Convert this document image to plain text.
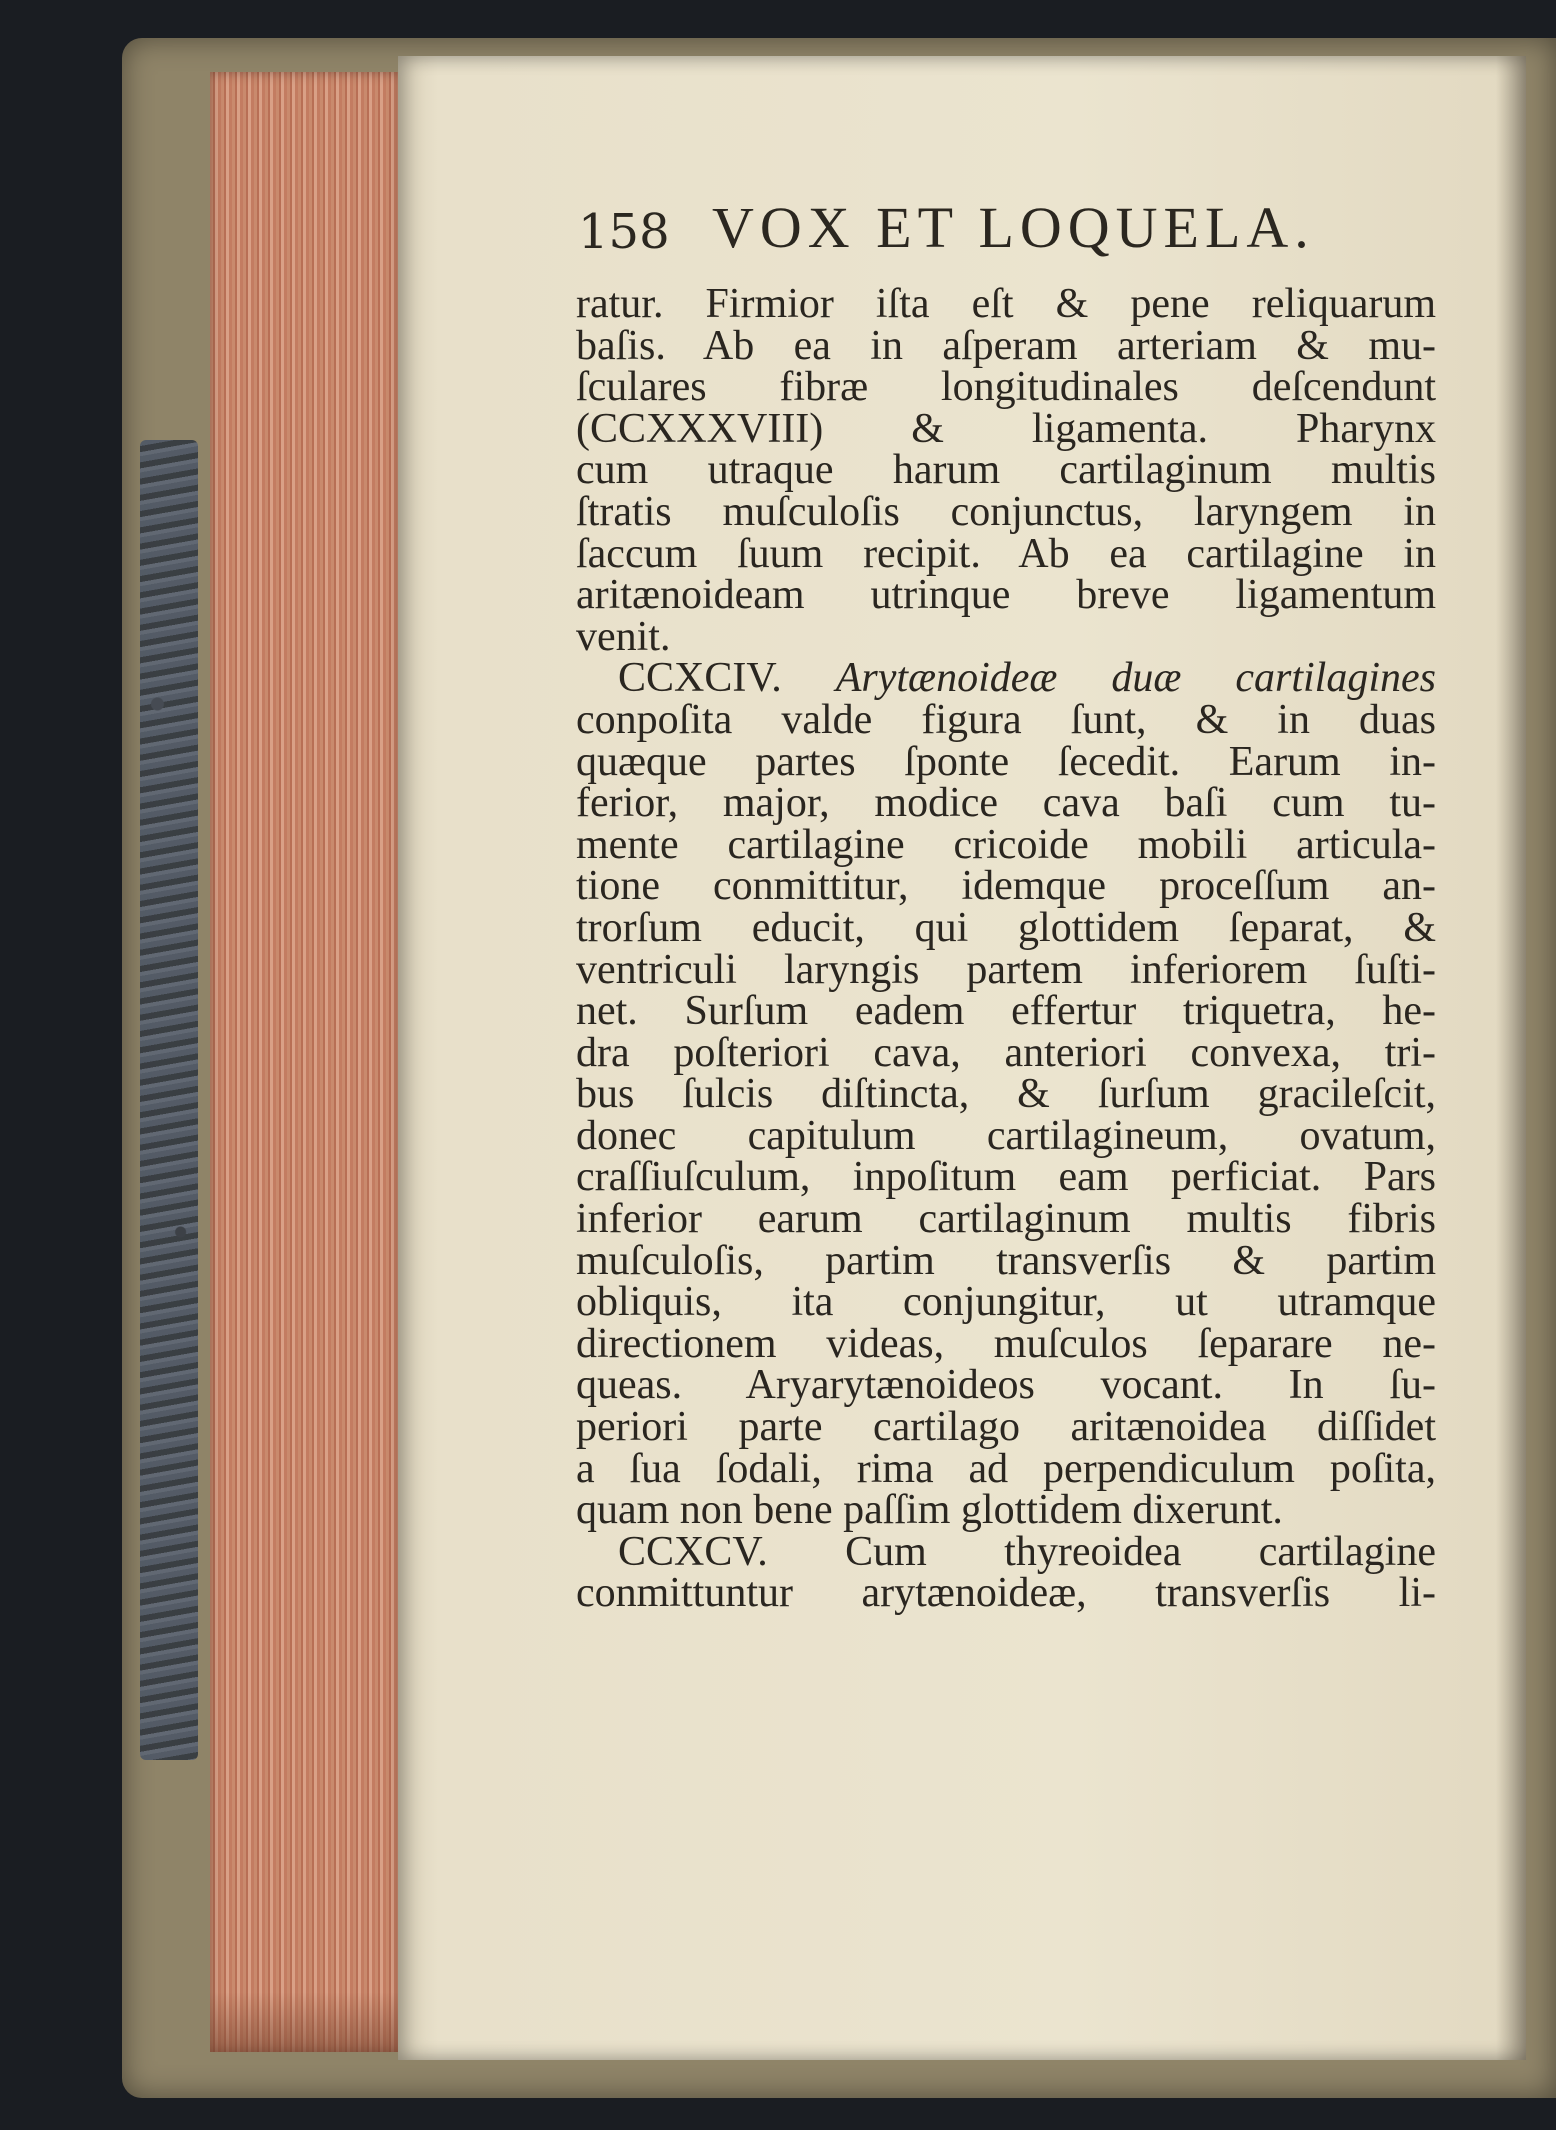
158 VOX ET LOQUELA.
ratur. Firmior iſta eſt & pene reliquarum
baſis. Ab ea in aſperam arteriam & mu-
ſculares fibræ longitudinales deſcendunt
(CCXXXVIII) & ligamenta. Pharynx
cum utraque harum cartilaginum multis
ſtratis muſculoſis conjunctus, laryngem in
ſaccum ſuum recipit. Ab ea cartilagine in
aritænoideam utrinque breve ligamentum
venit.
CCXCIV. Arytænoideæ duæ cartilagines
conpoſita valde figura ſunt, & in duas
quæque partes ſponte ſecedit. Earum in-
ferior, major, modice cava baſi cum tu-
mente cartilagine cricoide mobili articula-
tione conmittitur, idemque proceſſum an-
trorſum educit, qui glottidem ſeparat, &
ventriculi laryngis partem inferiorem ſuſti-
net. Surſum eadem effertur triquetra, he-
dra poſteriori cava, anteriori convexa, tri-
bus ſulcis diſtincta, & ſurſum gracileſcit,
donec capitulum cartilagineum, ovatum,
craſſiuſculum, inpoſitum eam perficiat. Pars
inferior earum cartilaginum multis fibris
muſculoſis, partim transverſis & partim
obliquis, ita conjungitur, ut utramque
directionem videas, muſculos ſeparare ne-
queas. Aryarytænoideos vocant. In ſu-
periori parte cartilago aritænoidea diſſidet
a ſua ſodali, rima ad perpendiculum poſita,
quam non bene paſſim glottidem dixerunt.
CCXCV. Cum thyreoidea cartilagine
conmittuntur arytænoideæ, transverſis li-
